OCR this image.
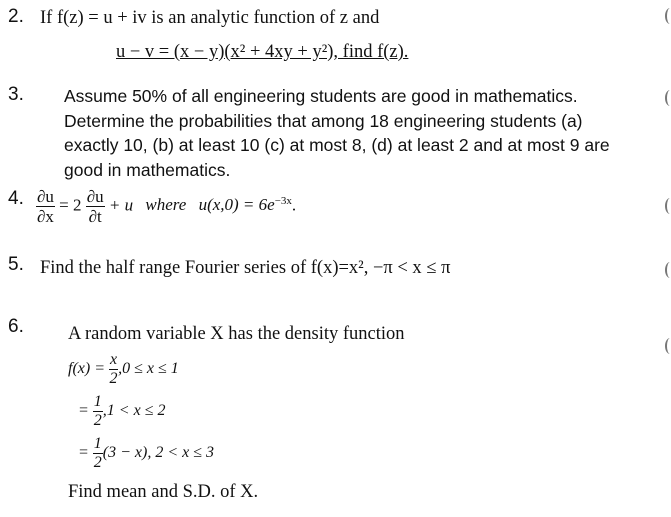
2. If f(z) = u + iv is an analytic function of z and
u − v = (x − y)(x² + 4xy + y²), find f(z).
3. Assume 50% of all engineering students are good in mathematics. Determine the probabilities that among 18 engineering students (a) exactly 10, (b) at least 10 (c) at most 8, (d) at least 2 and at most 9 are good in mathematics.
4. $\frac{\partial u}{\partial x} = 2 \frac{\partial u}{\partial t} + u$ where $u(x,0) = 6e^{-3x}$.
5. Find the half range Fourier series of f(x)=x², −π < x ≤ π
6. A random variable X has the density function
$f(x) = \frac{x}{2} ,0 \le x \le 1$
= $\frac{1}{2} ,1 < x \le 2$
= $\frac{1}{2} (3 - x)$, 2 < x ≤ 3
Find mean and S.D. of X.
